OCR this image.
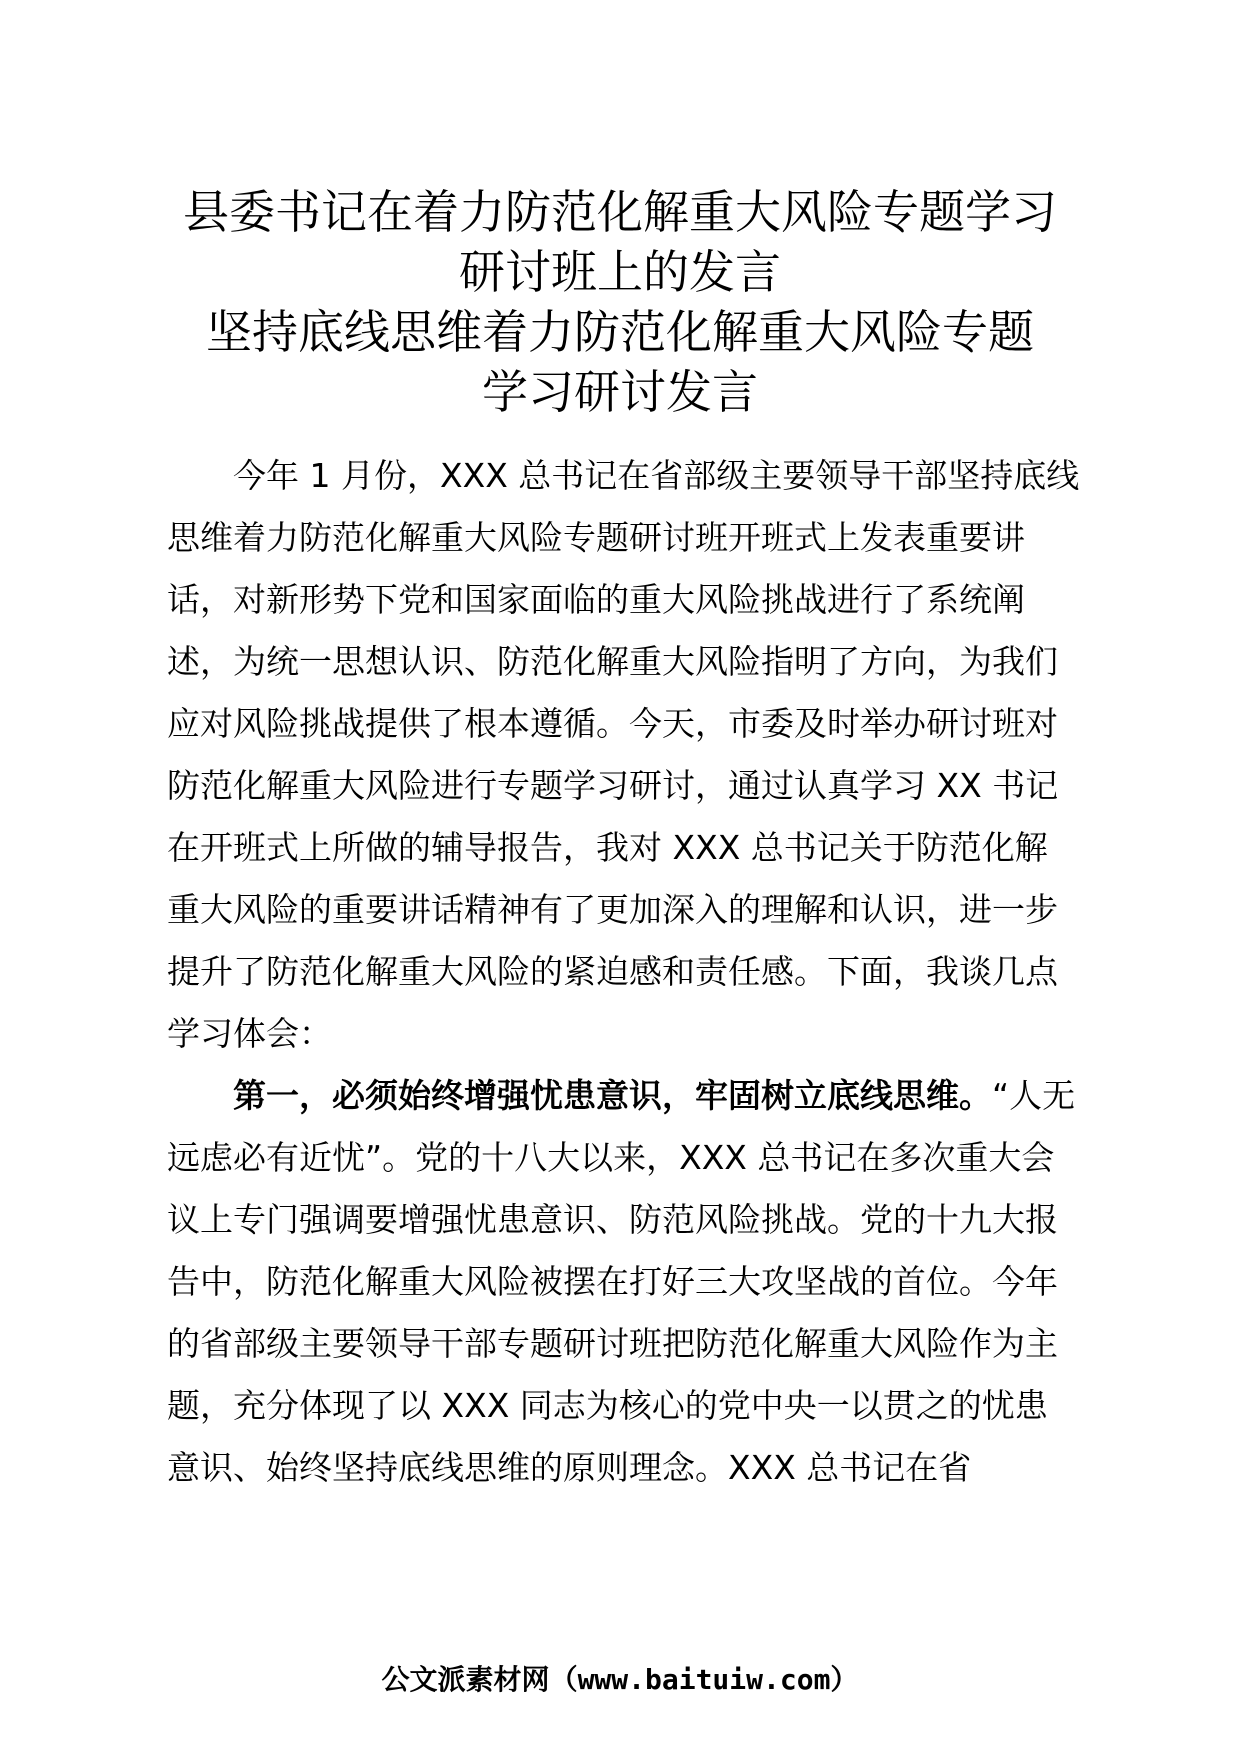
县委书记在着力防范化解重大风险专题学习
研讨班上的发言
坚持底线思维着力防范化解重大风险专题
学习研讨发言

今年 1 月份，XXX 总书记在省部级主要领导干部坚持底线思维着力防范化解重大风险专题研讨班开班式上发表重要讲话，对新形势下党和国家面临的重大风险挑战进行了系统阐述，为统一思想认识、防范化解重大风险指明了方向，为我们应对风险挑战提供了根本遵循。今天，市委及时举办研讨班对防范化解重大风险进行专题学习研讨，通过认真学习 XX 书记在开班式上所做的辅导报告，我对 XXX 总书记关于防范化解重大风险的重要讲话精神有了更加深入的理解和认识，进一步提升了防范化解重大风险的紧迫感和责任感。下面，我谈几点学习体会：

第一，必须始终增强忧患意识，牢固树立底线思维。“人无远虑必有近忧”。党的十八大以来，XXX 总书记在多次重大会议上专门强调要增强忧患意识、防范风险挑战。党的十九大报告中，防范化解重大风险被摆在打好三大攻坚战的首位。今年的省部级主要领导干部专题研讨班把防范化解重大风险作为主题，充分体现了以 XXX 同志为核心的党中央一以贯之的忧患意识、始终坚持底线思维的原则理念。XXX 总书记在省

公文派素材网（www.baituiw.com）
